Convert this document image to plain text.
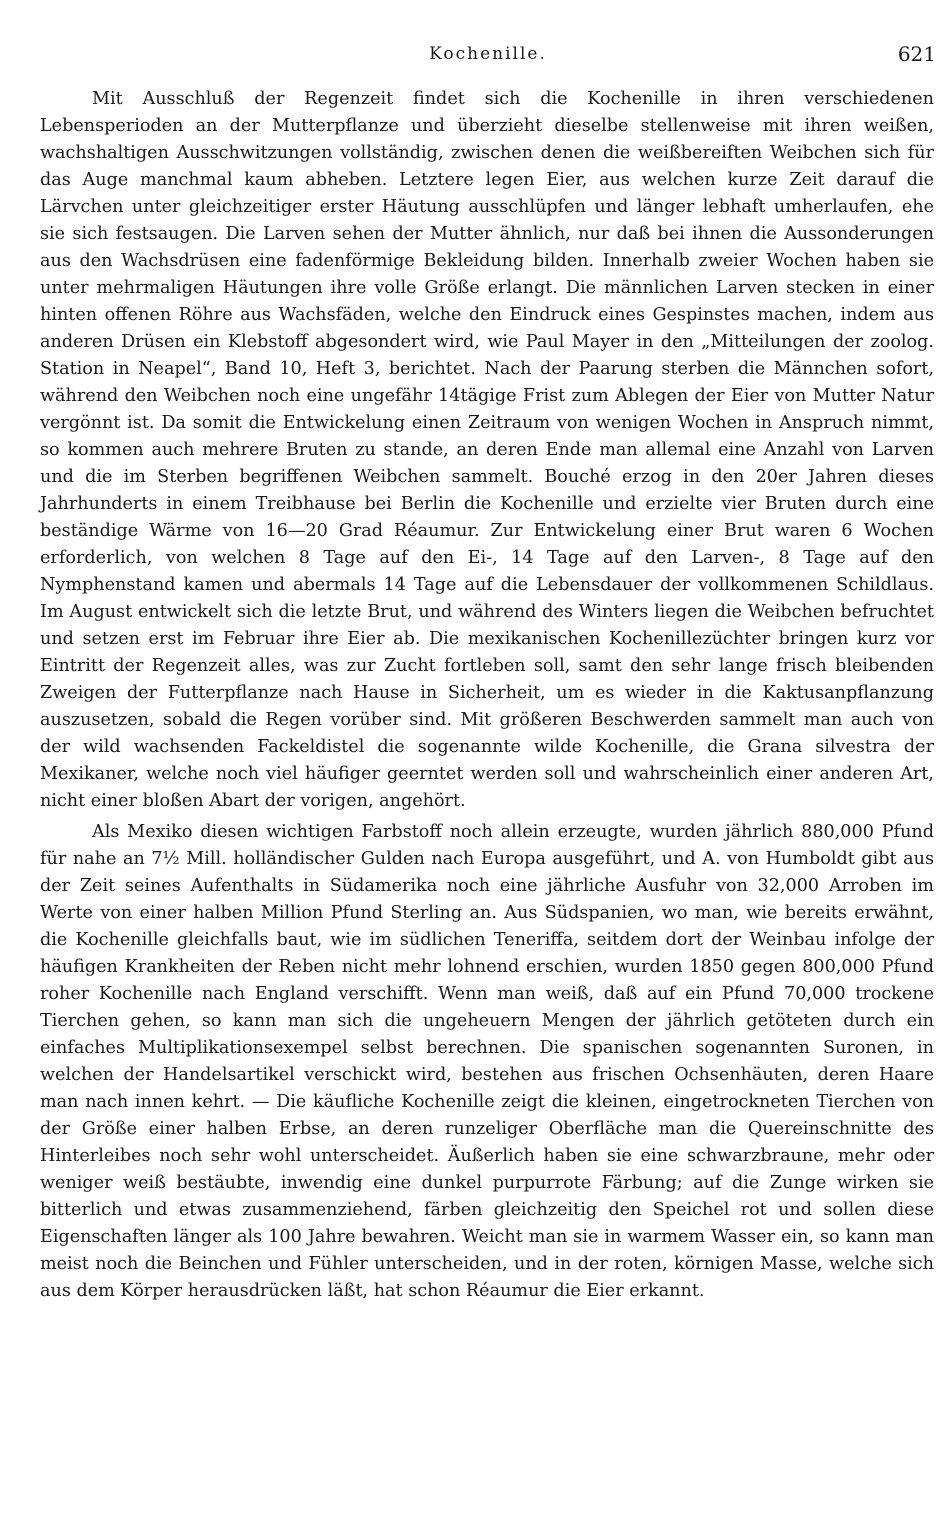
Kochenille.	621

Mit Ausschluß der Regenzeit findet sich die Kochenille in ihren verschiedenen Lebensperioden an der Mutterpflanze und überzieht dieselbe stellenweise mit ihren weißen, wachshaltigen Ausschwitzungen vollständig, zwischen denen die weißbereiften Weibchen sich für das Auge manchmal kaum abheben. Letztere legen Eier, aus welchen kurze Zeit darauf die Lärvchen unter gleichzeitiger erster Häutung ausschlüpfen und länger lebhaft umherlaufen, ehe sie sich festsaugen. Die Larven sehen der Mutter ähnlich, nur daß bei ihnen die Aussonderungen aus den Wachsdrüsen eine fadenförmige Bekleidung bilden. Innerhalb zweier Wochen haben sie unter mehrmaligen Häutungen ihre volle Größe erlangt. Die männlichen Larven stecken in einer hinten offenen Röhre aus Wachsfäden, welche den Eindruck eines Gespinstes machen, indem aus anderen Drüsen ein Klebstoff abgesondert wird, wie Paul Mayer in den „Mitteilungen der zoolog. Station in Neapel“, Band 10, Heft 3, berichtet. Nach der Paarung sterben die Männchen sofort, während den Weibchen noch eine ungefähr 14tägige Frist zum Ablegen der Eier von Mutter Natur vergönnt ist. Da somit die Entwickelung einen Zeitraum von wenigen Wochen in Anspruch nimmt, so kommen auch mehrere Bruten zu stande, an deren Ende man allemal eine Anzahl von Larven und die im Sterben begriffenen Weibchen sammelt. Bouché erzog in den 20er Jahren dieses Jahrhunderts in einem Treibhause bei Berlin die Kochenille und erzielte vier Bruten durch eine beständige Wärme von 16—20 Grad Réaumur. Zur Entwickelung einer Brut waren 6 Wochen erforderlich, von welchen 8 Tage auf den Ei-, 14 Tage auf den Larven-, 8 Tage auf den Nymphenstand kamen und abermals 14 Tage auf die Lebensdauer der vollkommenen Schildlaus. Im August entwickelt sich die letzte Brut, und während des Winters liegen die Weibchen befruchtet und setzen erst im Februar ihre Eier ab. Die mexikanischen Kochenillezüchter bringen kurz vor Eintritt der Regenzeit alles, was zur Zucht fortleben soll, samt den sehr lange frisch bleibenden Zweigen der Futterpflanze nach Hause in Sicherheit, um es wieder in die Kaktusanpflanzung auszusetzen, sobald die Regen vorüber sind. Mit größeren Beschwerden sammelt man auch von der wild wachsenden Fackeldistel die sogenannte wilde Kochenille, die Grana silvestra der Mexikaner, welche noch viel häufiger geerntet werden soll und wahrscheinlich einer anderen Art, nicht einer bloßen Abart der vorigen, angehört.

Als Mexiko diesen wichtigen Farbstoff noch allein erzeugte, wurden jährlich 880,000 Pfund für nahe an 7½ Mill. holländischer Gulden nach Europa ausgeführt, und A. von Humboldt gibt aus der Zeit seines Aufenthalts in Südamerika noch eine jährliche Ausfuhr von 32,000 Arroben im Werte von einer halben Million Pfund Sterling an. Aus Südspanien, wo man, wie bereits erwähnt, die Kochenille gleichfalls baut, wie im südlichen Teneriffa, seitdem dort der Weinbau infolge der häufigen Krankheiten der Reben nicht mehr lohnend erschien, wurden 1850 gegen 800,000 Pfund roher Kochenille nach England verschifft. Wenn man weiß, daß auf ein Pfund 70,000 trockene Tierchen gehen, so kann man sich die ungeheuern Mengen der jährlich getöteten durch ein einfaches Multiplikationsexempel selbst berechnen. Die spanischen sogenannten Suronen, in welchen der Handelsartikel verschickt wird, bestehen aus frischen Ochsenhäuten, deren Haare man nach innen kehrt. — Die käufliche Kochenille zeigt die kleinen, eingetrockneten Tierchen von der Größe einer halben Erbse, an deren runzeliger Oberfläche man die Quereinschnitte des Hinterleibes noch sehr wohl unterscheidet. Äußerlich haben sie eine schwarzbraune, mehr oder weniger weiß bestäubte, inwendig eine dunkel purpurrote Färbung; auf die Zunge wirken sie bitterlich und etwas zusammenziehend, färben gleichzeitig den Speichel rot und sollen diese Eigenschaften länger als 100 Jahre bewahren. Weicht man sie in warmem Wasser ein, so kann man meist noch die Beinchen und Fühler unterscheiden, und in der roten, körnigen Masse, welche sich aus dem Körper herausdrücken läßt, hat schon Réaumur die Eier erkannt.
